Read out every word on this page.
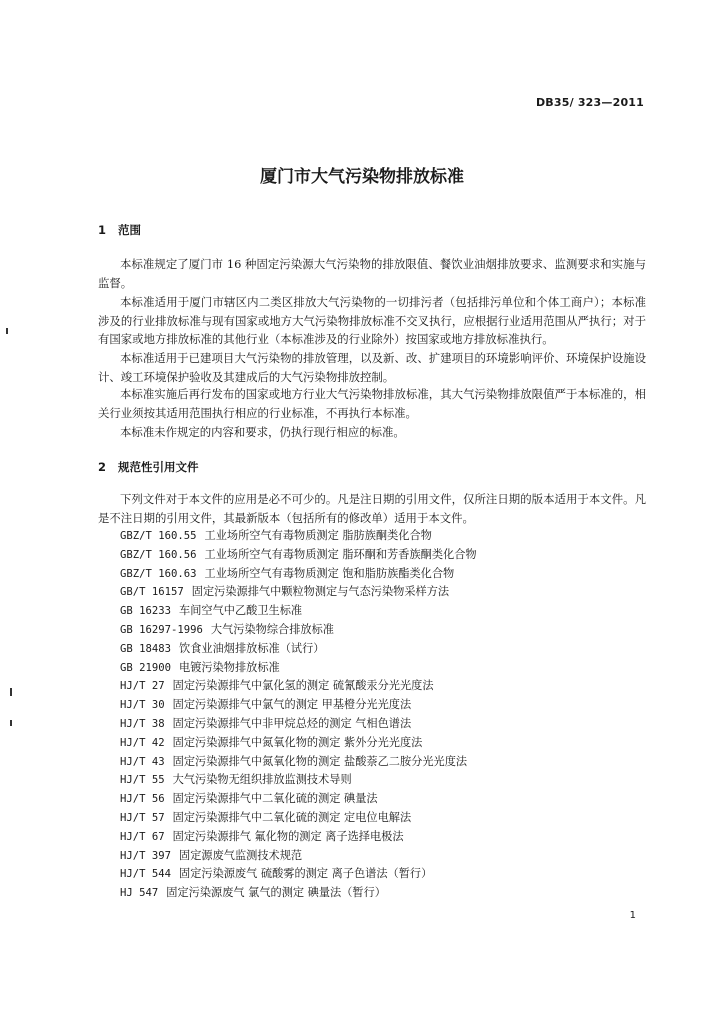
DB35/ 323—2011
厦门市大气污染物排放标准
1 范围
本标准规定了厦门市 16 种固定污染源大气污染物的排放限值、餐饮业油烟排放要求、监测要求和实施与监督。
本标准适用于厦门市辖区内二类区排放大气污染物的一切排污者（包括排污单位和个体工商户）；本标准涉及的行业排放标准与现有国家或地方大气污染物排放标准不交叉执行，应根据行业适用范围从严执行；对于有国家或地方排放标准的其他行业（本标准涉及的行业除外）按国家或地方排放标准执行。
本标准适用于已建项目大气污染物的排放管理，以及新、改、扩建项目的环境影响评价、环境保护设施设计、竣工环境保护验收及其建成后的大气污染物排放控制。
本标准实施后再行发布的国家或地方行业大气污染物排放标准，其大气污染物排放限值严于本标准的，相关行业须按其适用范围执行相应的行业标准，不再执行本标准。
本标准未作规定的内容和要求，仍执行现行相应的标准。
2 规范性引用文件
下列文件对于本文件的应用是必不可少的。凡是注日期的引用文件，仅所注日期的版本适用于本文件。凡是不注日期的引用文件，其最新版本（包括所有的修改单）适用于本文件。
GBZ/T 160.55 工业场所空气有毒物质测定 脂肪族酮类化合物
GBZ/T 160.56 工业场所空气有毒物质测定 脂环酮和芳香族酮类化合物
GBZ/T 160.63 工业场所空气有毒物质测定 饱和脂肪族酯类化合物
GB/T 16157 固定污染源排气中颗粒物测定与气态污染物采样方法
GB 16233 车间空气中乙酸卫生标准
GB 16297-1996 大气污染物综合排放标准
GB 18483 饮食业油烟排放标准（试行）
GB 21900 电镀污染物排放标准
HJ/T 27 固定污染源排气中氯化氢的测定 硫氰酸汞分光光度法
HJ/T 30 固定污染源排气中氯气的测定 甲基橙分光光度法
HJ/T 38 固定污染源排气中非甲烷总烃的测定 气相色谱法
HJ/T 42 固定污染源排气中氮氧化物的测定 紫外分光光度法
HJ/T 43 固定污染源排气中氮氧化物的测定 盐酸萘乙二胺分光光度法
HJ/T 55 大气污染物无组织排放监测技术导则
HJ/T 56 固定污染源排气中二氧化硫的测定 碘量法
HJ/T 57 固定污染源排气中二氧化硫的测定 定电位电解法
HJ/T 67 固定污染源排气 氟化物的测定 离子选择电极法
HJ/T 397 固定源废气监测技术规范
HJ/T 544 固定污染源废气 硫酸雾的测定 离子色谱法（暂行）
HJ 547 固定污染源废气 氯气的测定 碘量法（暂行）
1
